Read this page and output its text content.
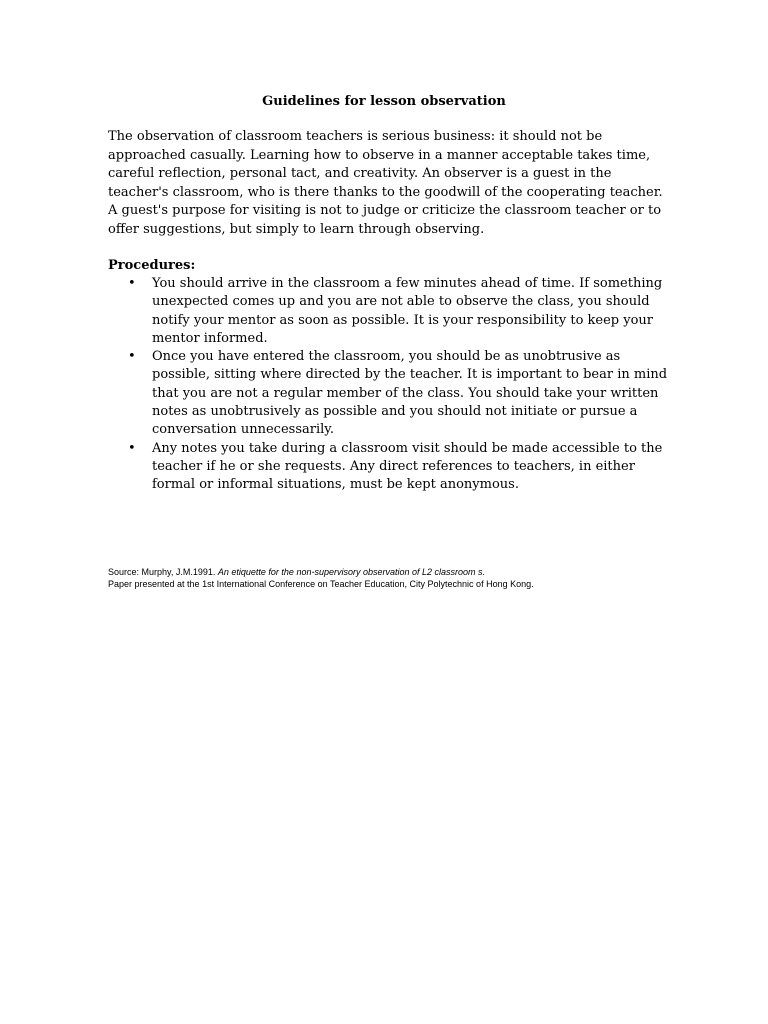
Guidelines for lesson observation

The observation of classroom teachers is serious business: it should not be approached casually. Learning how to observe in a manner acceptable takes time, careful reflection, personal tact, and creativity. An observer is a guest in the teacher's classroom, who is there thanks to the goodwill of the cooperating teacher. A guest's purpose for visiting is not to judge or criticize the classroom teacher or to offer suggestions, but simply to learn through observing.

Procedures:
• You should arrive in the classroom a few minutes ahead of time. If something unexpected comes up and you are not able to observe the class, you should notify your mentor as soon as possible. It is your responsibility to keep your mentor informed.
• Once you have entered the classroom, you should be as unobtrusive as possible, sitting where directed by the teacher. It is important to bear in mind that you are not a regular member of the class. You should take your written notes as unobtrusively as possible and you should not initiate or pursue a conversation unnecessarily.
• Any notes you take during a classroom visit should be made accessible to the teacher if he or she requests. Any direct references to teachers, in either formal or informal situations, must be kept anonymous.
Source: Murphy, J.M.1991. An etiquette for the non-supervisory observation of L2 classroom s.
Paper presented at the 1st International Conference on Teacher Education, City Polytechnic of Hong Kong.
